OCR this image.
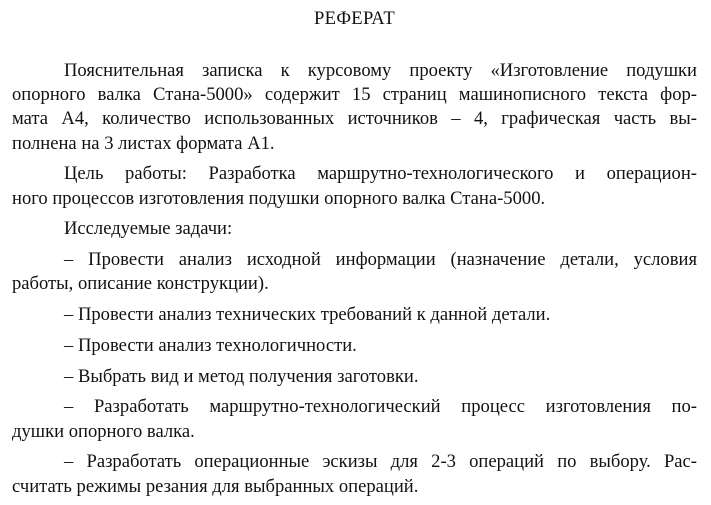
РЕФЕРАТ
Пояснительная записка к курсовому проекту «Изготовление подушки
опорного валка Стана-5000» содержит 15 страниц машинописного текста фор-
мата А4, количество использованных источников – 4, графическая часть вы-
полнена на 3 листах формата А1.
Цель работы: Разработка маршрутно-технологического и операцион-
ного процессов изготовления подушки опорного валка Стана-5000.
Исследуемые задачи:
– Провести анализ исходной информации (назначение детали, условия
работы, описание конструкции).
– Провести анализ технических требований к данной детали.
– Провести анализ технологичности.
– Выбрать вид и метод получения заготовки.
– Разработать маршрутно-технологический процесс изготовления по-
душки опорного валка.
– Разработать операционные эскизы для 2-3 операций по выбору. Рас-
считать режимы резания для выбранных операций.
